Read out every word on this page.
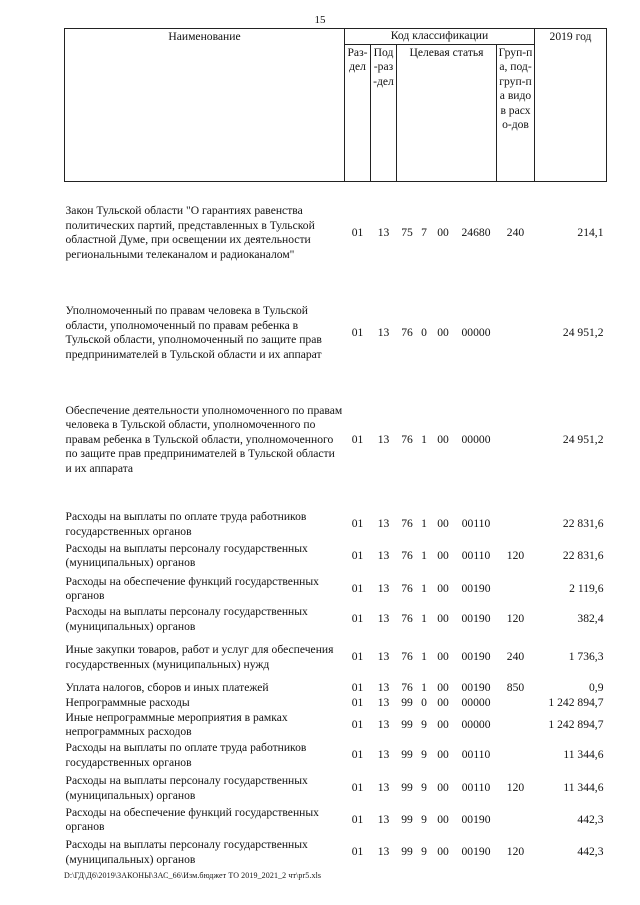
15
Наименование	Код классификации							2019 год
	Раз-дел	Под-раз-дел	Целевая статья				Груп-па, под-груп-па видов расхо-дов	
Закон Тульской области "О гарантиях равенства политических партий, представленных в Тульской областной Думе, при освещении их деятельности региональными телеканалом и радиоканалом"	01	13	75	7	00	24680	240	214,1
Уполномоченный по правам человека в Тульской области, уполномоченный по правам ребенка в Тульской области, уполномоченный по защите прав предпринимателей в Тульской области и их аппарат	01	13	76	0	00	00000		24 951,2
Обеспечение деятельности уполномоченного по правам человека в Тульской области, уполномоченного по правам ребенка в Тульской области, уполномоченного по защите прав предпринимателей в Тульской области и их аппарата	01	13	76	1	00	00000		24 951,2
Расходы на выплаты по оплате труда работников государственных органов	01	13	76	1	00	00110		22 831,6
Расходы на выплаты персоналу государственных (муниципальных) органов	01	13	76	1	00	00110	120	22 831,6
Расходы на обеспечение функций государственных органов	01	13	76	1	00	00190		2 119,6
Расходы на выплаты персоналу государственных (муниципальных) органов	01	13	76	1	00	00190	120	382,4
Иные закупки товаров, работ и услуг для обеспечения государственных (муниципальных) нужд	01	13	76	1	00	00190	240	1 736,3
Уплата налогов, сборов и иных платежей	01	13	76	1	00	00190	850	0,9
Непрограммные расходы	01	13	99	0	00	00000		1 242 894,7
Иные непрограммные мероприятия в рамках непрограммных расходов	01	13	99	9	00	00000		1 242 894,7
Расходы на выплаты по оплате труда работников государственных органов	01	13	99	9	00	00110		11 344,6
Расходы на выплаты персоналу государственных (муниципальных) органов	01	13	99	9	00	00110	120	11 344,6
Расходы на обеспечение функций государственных органов	01	13	99	9	00	00190		442,3
Расходы на выплаты персоналу государственных (муниципальных) органов	01	13	99	9	00	00190	120	442,3
D:\ГД\Д6\2019\ЗАКОНЫ\ЗАС_66\Изм.бюджет ТО 2019_2021_2 чт\pr5.xls
